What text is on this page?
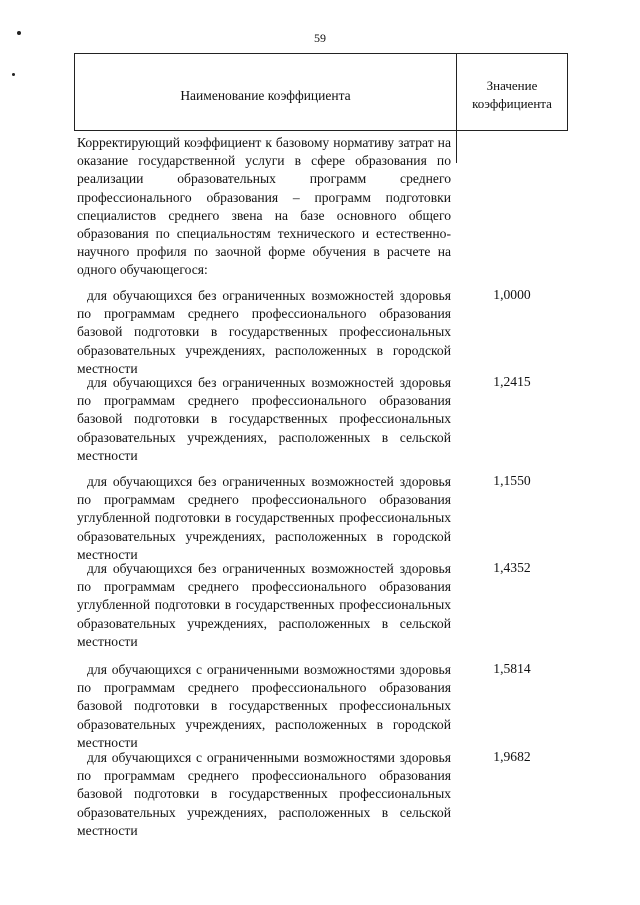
59
Наименование коэффициента
Значение
коэффициента
Корректирующий коэффициент к базовому нормативу затрат на оказание государственной услуги в сфере образования по реализации образовательных программ среднего профессионального образования – программ подготовки специалистов среднего звена на базе основного общего образования по специальностям технического и естественно-научного профиля по заочной форме обучения в расчете на одного обучающегося:
для обучающихся без ограниченных возможностей здоровья по программам среднего профессионального образования базовой подготовки в государственных профессиональных образовательных учреждениях, расположенных в городской местности
1,0000
для обучающихся без ограниченных возможностей здоровья по программам среднего профессионального образования базовой подготовки в государственных профессиональных образовательных учреждениях, расположенных в сельской местности
1,2415
для обучающихся без ограниченных возможностей здоровья по программам среднего профессионального образования углубленной подготовки в государственных профессиональных образовательных учреждениях, расположенных в городской местности
1,1550
для обучающихся без ограниченных возможностей здоровья по программам среднего профессионального образования углубленной подготовки в государственных профессиональных образовательных учреждениях, расположенных в сельской местности
1,4352
для обучающихся с ограниченными возможностями здоровья по программам среднего профессионального образования базовой подготовки в государственных профессиональных образовательных учреждениях, расположенных в городской местности
1,5814
для обучающихся с ограниченными возможностями здоровья по программам среднего профессионального образования базовой подготовки в государственных профессиональных образовательных учреждениях, расположенных в сельской местности
1,9682
